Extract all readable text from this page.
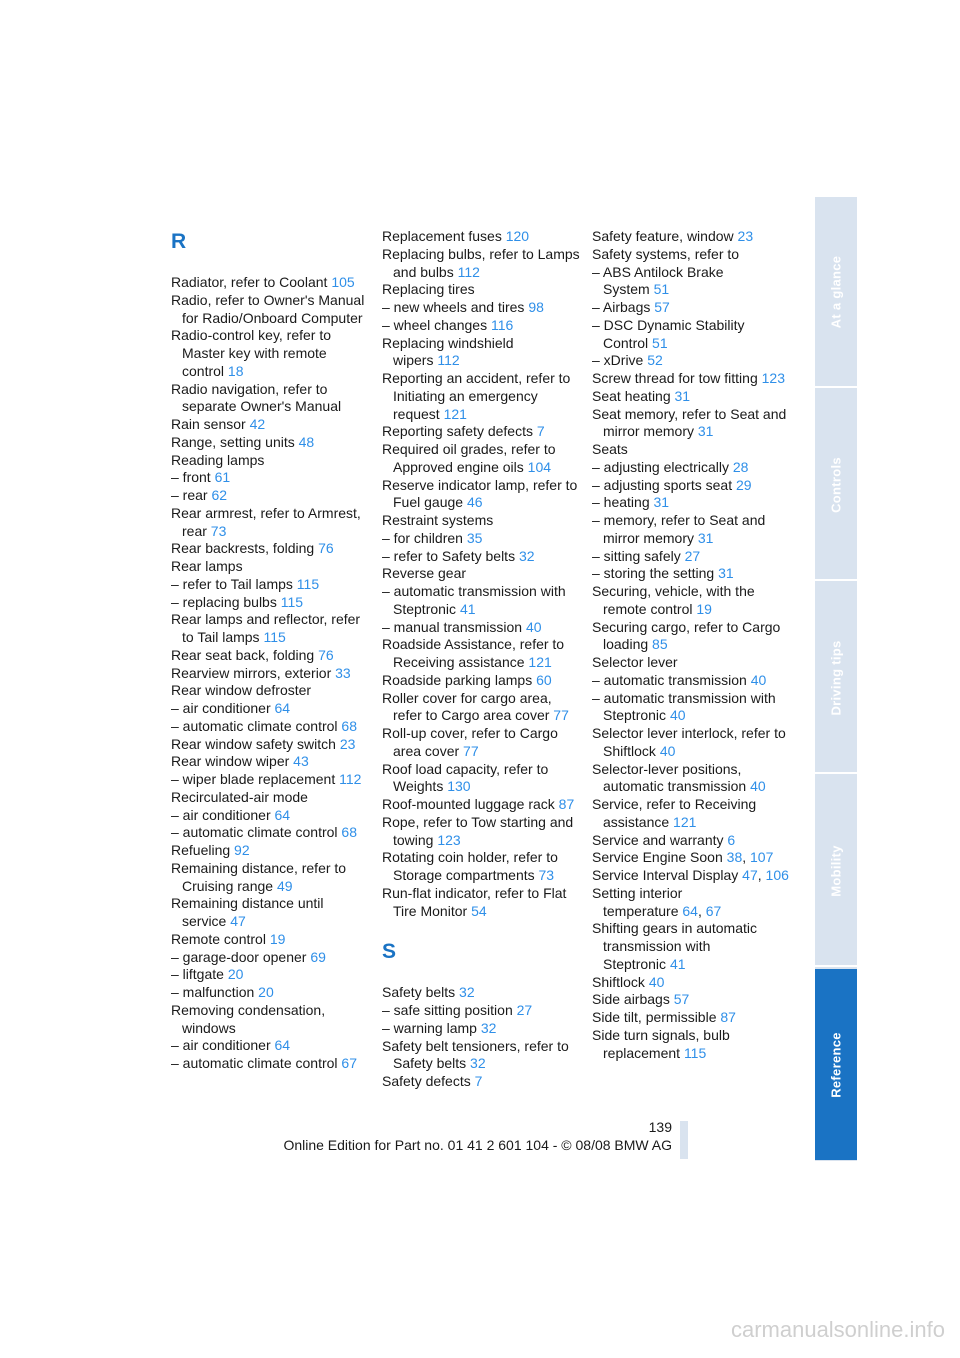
R
Radiator, refer to Coolant 105
Radio, refer to Owner's Manual for Radio/Onboard Computer
Radio-control key, refer to Master key with remote control 18
Radio navigation, refer to separate Owner's Manual
Rain sensor 42
Range, setting units 48
Reading lamps
– front 61
– rear 62
Rear armrest, refer to Armrest, rear 73
Rear backrests, folding 76
Rear lamps
– refer to Tail lamps 115
– replacing bulbs 115
Rear lamps and reflector, refer to Tail lamps 115
Rear seat back, folding 76
Rearview mirrors, exterior 33
Rear window defroster
– air conditioner 64
– automatic climate control 68
Rear window safety switch 23
Rear window wiper 43
– wiper blade replacement 112
Recirculated-air mode
– air conditioner 64
– automatic climate control 68
Refueling 92
Remaining distance, refer to Cruising range 49
Remaining distance until service 47
Remote control 19
– garage-door opener 69
– liftgate 20
– malfunction 20
Removing condensation, windows
– air conditioner 64
– automatic climate control 67
Replacement fuses 120
Replacing bulbs, refer to Lamps and bulbs 112
Replacing tires
– new wheels and tires 98
– wheel changes 116
Replacing windshield wipers 112
Reporting an accident, refer to Initiating an emergency request 121
Reporting safety defects 7
Required oil grades, refer to Approved engine oils 104
Reserve indicator lamp, refer to Fuel gauge 46
Restraint systems
– for children 35
– refer to Safety belts 32
Reverse gear
– automatic transmission with Steptronic 41
– manual transmission 40
Roadside Assistance, refer to Receiving assistance 121
Roadside parking lamps 60
Roller cover for cargo area, refer to Cargo area cover 77
Roll-up cover, refer to Cargo area cover 77
Roof load capacity, refer to Weights 130
Roof-mounted luggage rack 87
Rope, refer to Tow starting and towing 123
Rotating coin holder, refer to Storage compartments 73
Run-flat indicator, refer to Flat Tire Monitor 54
S
Safety belts 32
– safe sitting position 27
– warning lamp 32
Safety belt tensioners, refer to Safety belts 32
Safety defects 7
Safety feature, window 23
Safety systems, refer to
– ABS Antilock Brake System 51
– Airbags 57
– DSC Dynamic Stability Control 51
– xDrive 52
Screw thread for tow fitting 123
Seat heating 31
Seat memory, refer to Seat and mirror memory 31
Seats
– adjusting electrically 28
– adjusting sports seat 29
– heating 31
– memory, refer to Seat and mirror memory 31
– sitting safely 27
– storing the setting 31
Securing, vehicle, with the remote control 19
Securing cargo, refer to Cargo loading 85
Selector lever
– automatic transmission 40
– automatic transmission with Steptronic 40
Selector lever interlock, refer to Shiftlock 40
Selector-lever positions, automatic transmission 40
Service, refer to Receiving assistance 121
Service and warranty 6
Service Engine Soon 38, 107
Service Interval Display 47, 106
Setting interior temperature 64, 67
Shifting gears in automatic transmission with Steptronic 41
Shiftlock 40
Side airbags 57
Side tilt, permissible 87
Side turn signals, bulb replacement 115
At a glance
Controls
Driving tips
Mobility
Reference
139
Online Edition for Part no. 01 41 2 601 104 - © 08/08 BMW AG
carmanualsonline.info
